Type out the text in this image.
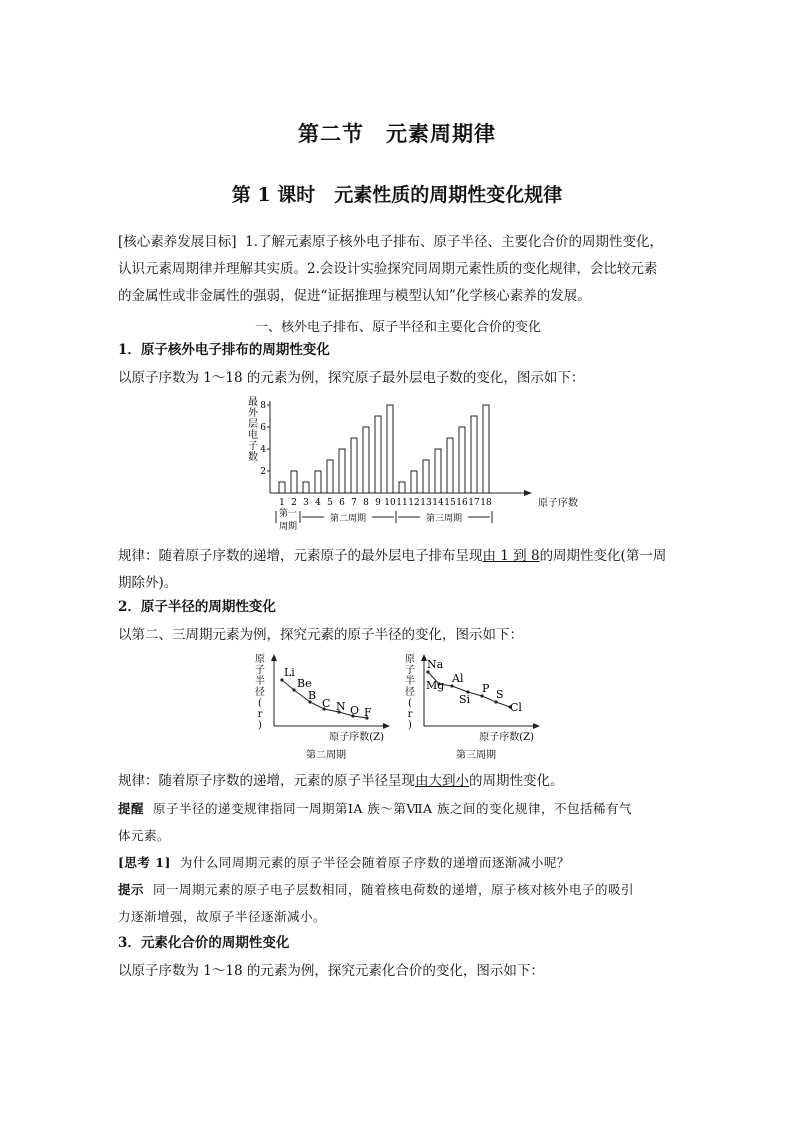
第二节　元素周期律
第 1 课时　元素性质的周期性变化规律
[核心素养发展目标] 1.了解元素原子核外电子排布、原子半径、主要化合价的周期性变化，
认识元素周期律并理解其实质。2.会设计实验探究同周期元素性质的变化规律，会比较元素
的金属性或非金属性的强弱，促进“证据推理与模型认知”化学核心素养的发展。
一、核外电子排布、原子半径和主要化合价的变化
1．原子核外电子排布的周期性变化
以原子序数为 1～18 的元素为例，探究原子最外层电子数的变化，图示如下：
最
外
层
电
子
数
2
4
6
8
1 2 3 4 5 6 7 8 9 10 11 12 13 14 15 16 17 18	原子序数
第一
周期
第二周期	第三周期
规律：随着原子序数的递增，元素原子的最外层电子排布呈现由 1 到 8的周期性变化(第一周
期除外)。
2．原子半径的周期性变化
以第二、三周期元素为例，探究元素的原子半径的变化，图示如下：
原
子
半
径
(
r
)
Li
Be
B
C N O F
原子序数(Z)
第二周期
原
子
半
径
(
r
)
Na
Mg
Al
Si
P S
Cl
原子序数(Z)
第三周期
规律：随着原子序数的递增，元素的原子半径呈现由大到小的周期性变化。
提醒 原子半径的递变规律指同一周期第ⅠA 族～第ⅦA 族之间的变化规律，不包括稀有气
体元素。
[思考 1] 为什么同周期元素的原子半径会随着原子序数的递增而逐渐减小呢？
提示 同一周期元素的原子电子层数相同，随着核电荷数的递增，原子核对核外电子的吸引
力逐渐增强，故原子半径逐渐减小。
3．元素化合价的周期性变化
以原子序数为 1～18 的元素为例，探究元素化合价的变化，图示如下：
